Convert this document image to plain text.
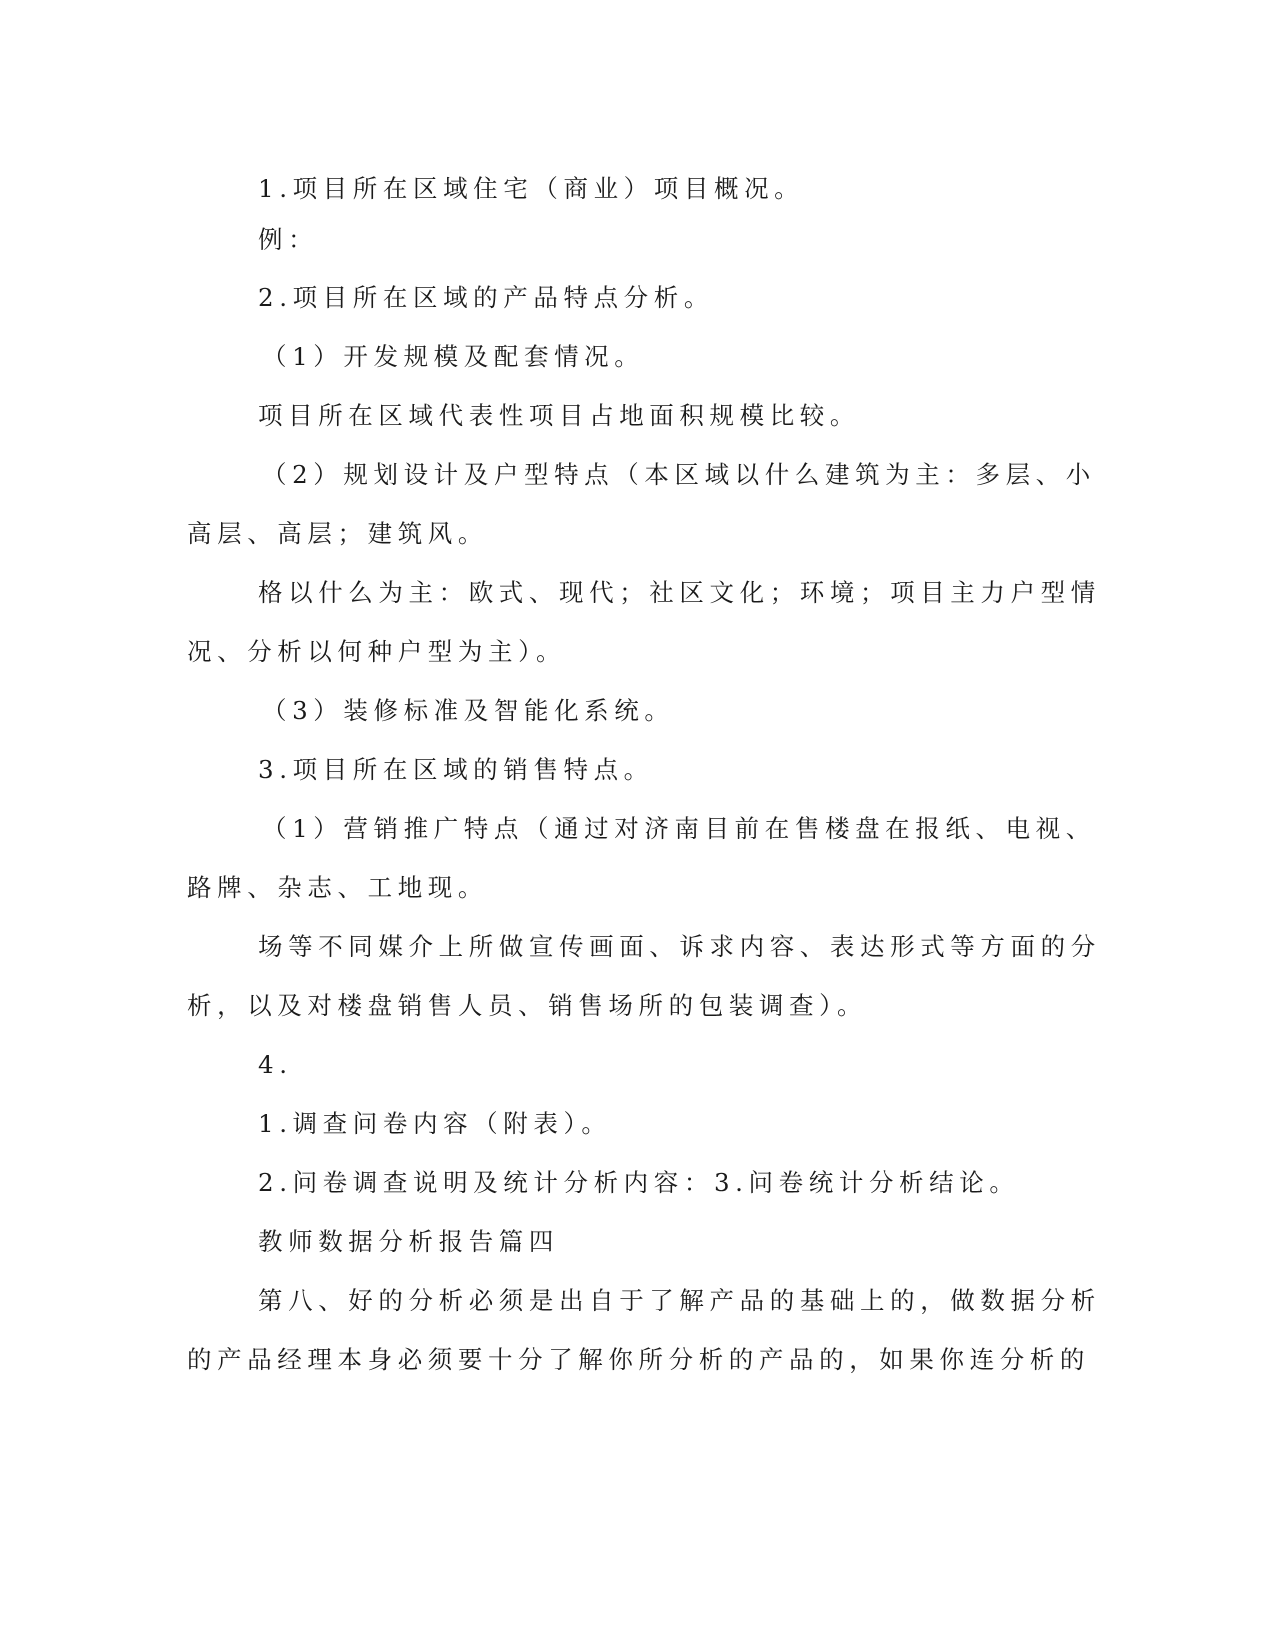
1.项目所在区域住宅（商业）项目概况。
例：
2.项目所在区域的产品特点分析。
（1）开发规模及配套情况。
项目所在区域代表性项目占地面积规模比较。
（2）规划设计及户型特点（本区域以什么建筑为主：多层、小
高层、高层；建筑风。
格以什么为主：欧式、现代；社区文化；环境；项目主力户型情
况、分析以何种户型为主）。
（3）装修标准及智能化系统。
3.项目所在区域的销售特点。
（1）营销推广特点（通过对济南目前在售楼盘在报纸、电视、
路牌、杂志、工地现。
场等不同媒介上所做宣传画面、诉求内容、表达形式等方面的分
析，以及对楼盘销售人员、销售场所的包装调查）。
4.
1.调查问卷内容（附表）。
2.问卷调查说明及统计分析内容：3.问卷统计分析结论。
教师数据分析报告篇四
第八、好的分析必须是出自于了解产品的基础上的，做数据分析
的产品经理本身必须要十分了解你所分析的产品的，如果你连分析的
